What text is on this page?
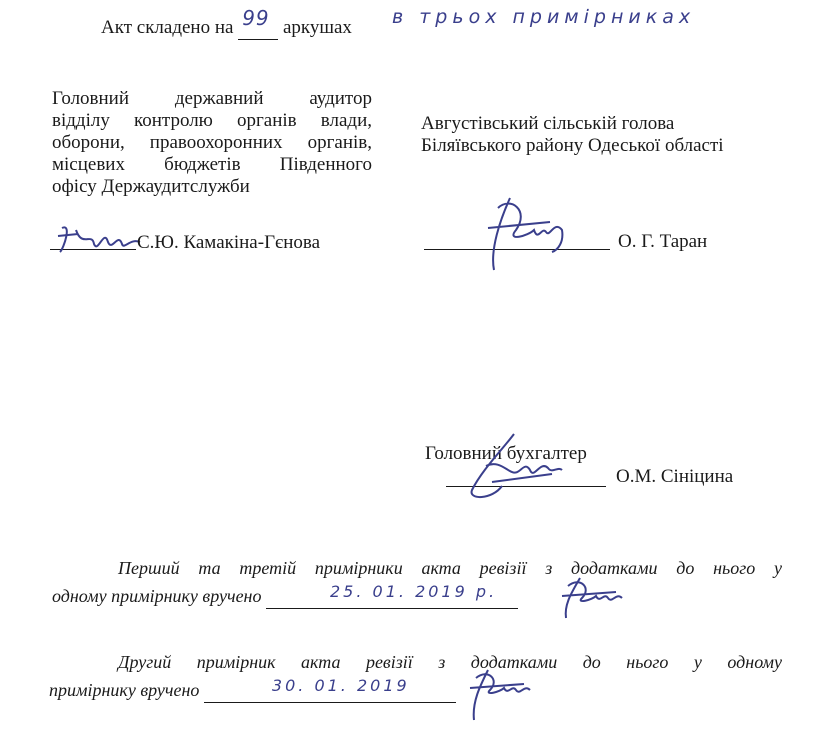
Акт складено на 99 аркушах в трьох примірниках

Головний державний аудитор

відділу контролю органів влади,

оборони, правоохоронних органів,

місцевих бюджетів Південного

офісу Держаудитслужби

С.Ю. Камакіна-Гєнова
Августівський сільській голова
Біляївського району Одеської області
О. Г. Таран
Головний бухгалтер
О.М. Сініцина
Перший та третій примірники акта ревізії з додатками до нього у
одному примірнику вручено	25. 01. 2019 р.
Другий примірник акта ревізії з додатками до нього у одному
примірнику вручено	30. 01. 2019
